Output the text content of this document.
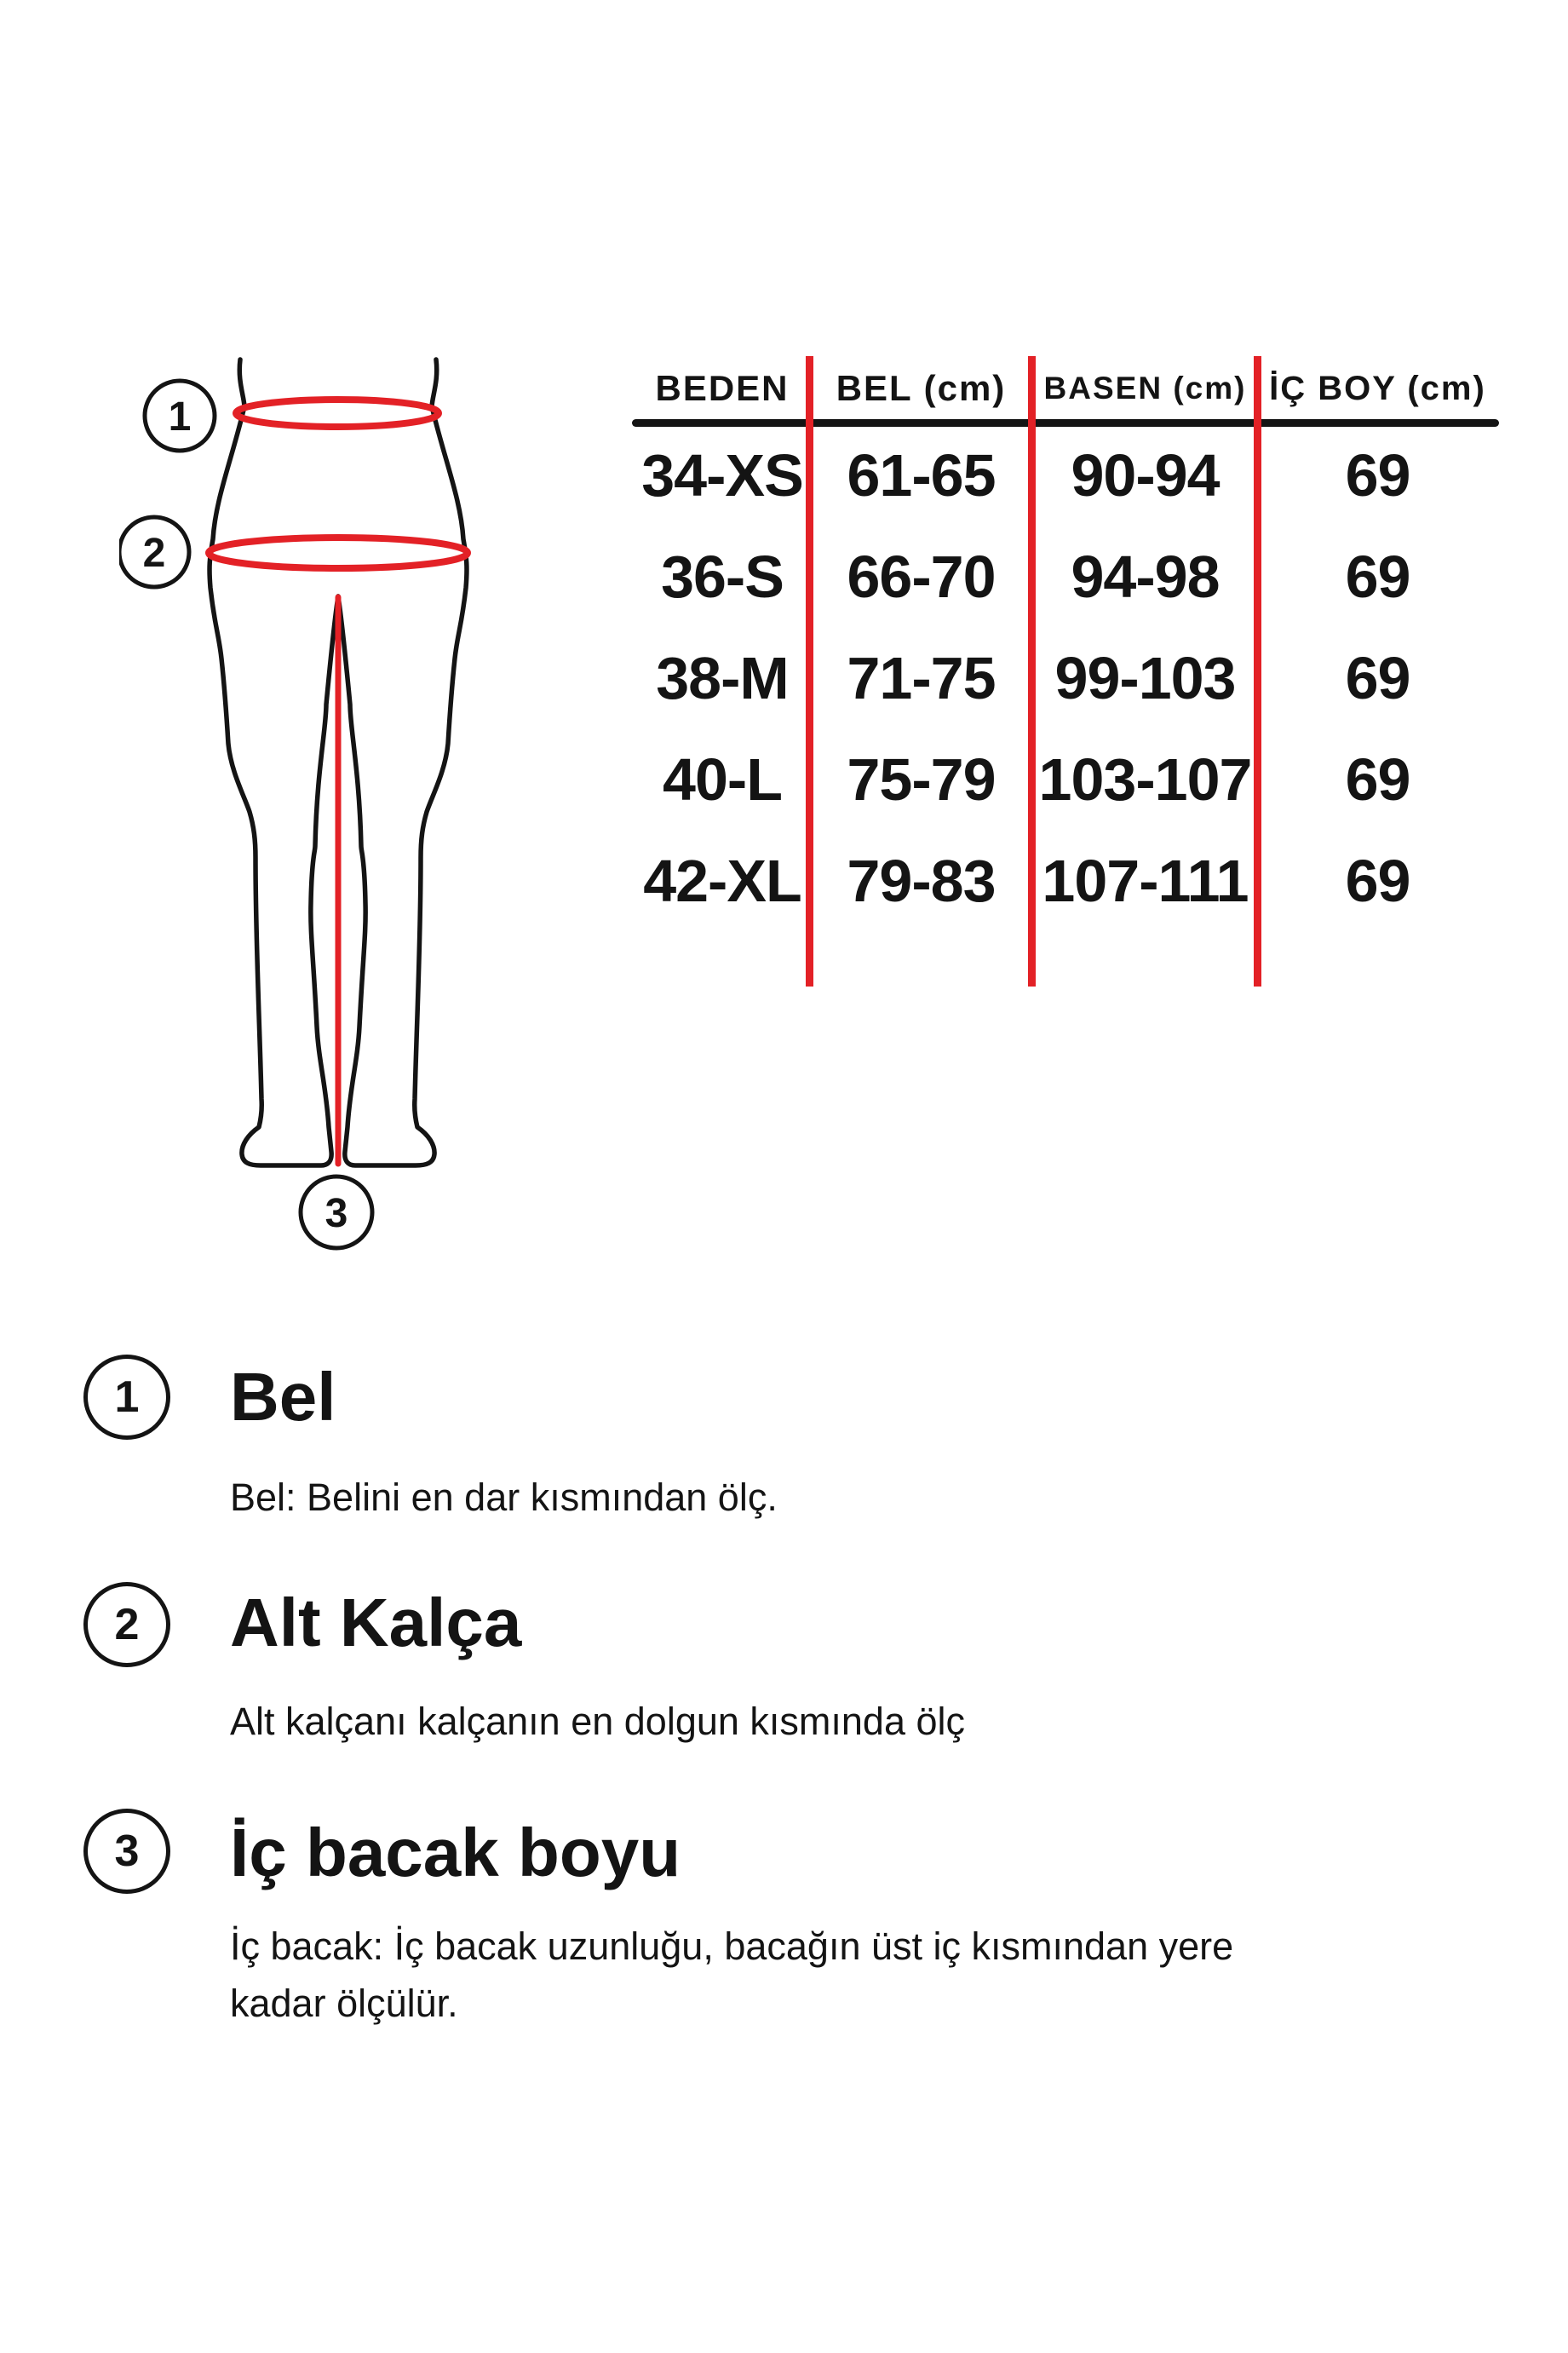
1
2
3
BEDEN	BEL (cm)	BASEN (cm) İÇ BOY (cm)
34-XS 61-65	90-94	69
36-S	66-70	94-98	69
38-M 71-75	99-103	69
40-L	75-79 103-107	69
42-XL 79-83 107-111	69
1 Bel
Bel: Belini en dar kısmından ölç.
2 Alt Kalça
Alt kalçanı kalçanın en dolgun kısmında ölç
3 İç bacak boyu
İç bacak: İç bacak uzunluğu, bacağın üst iç kısmından yere
kadar ölçülür.
